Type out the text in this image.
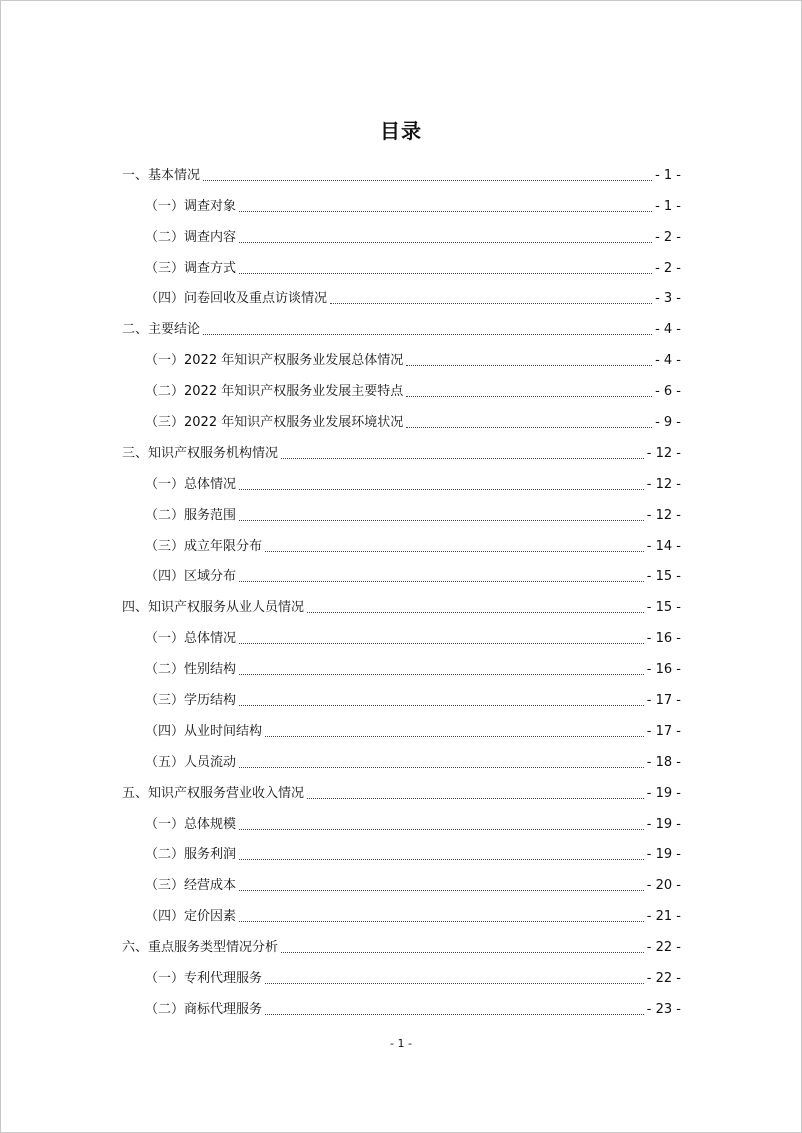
目录
一、基本情况	- 1 -
（一）调查对象	- 1 -
（二）调查内容	- 2 -
（三）调查方式	- 2 -
（四）问卷回收及重点访谈情况	- 3 -
二、主要结论	- 4 -
（一）2022 年知识产权服务业发展总体情况	- 4 -
（二）2022 年知识产权服务业发展主要特点	- 6 -
（三）2022 年知识产权服务业发展环境状况	- 9 -
三、知识产权服务机构情况	- 12 -
（一）总体情况	- 12 -
（二）服务范围	- 12 -
（三）成立年限分布	- 14 -
（四）区域分布	- 15 -
四、知识产权服务从业人员情况	- 15 -
（一）总体情况	- 16 -
（二）性别结构	- 16 -
（三）学历结构	- 17 -
（四）从业时间结构	- 17 -
（五）人员流动	- 18 -
五、知识产权服务营业收入情况	- 19 -
（一）总体规模	- 19 -
（二）服务利润	- 19 -
（三）经营成本	- 20 -
（四）定价因素	- 21 -
六、重点服务类型情况分析	- 22 -
（一）专利代理服务	- 22 -
（二）商标代理服务	- 23 -
- 1 -
